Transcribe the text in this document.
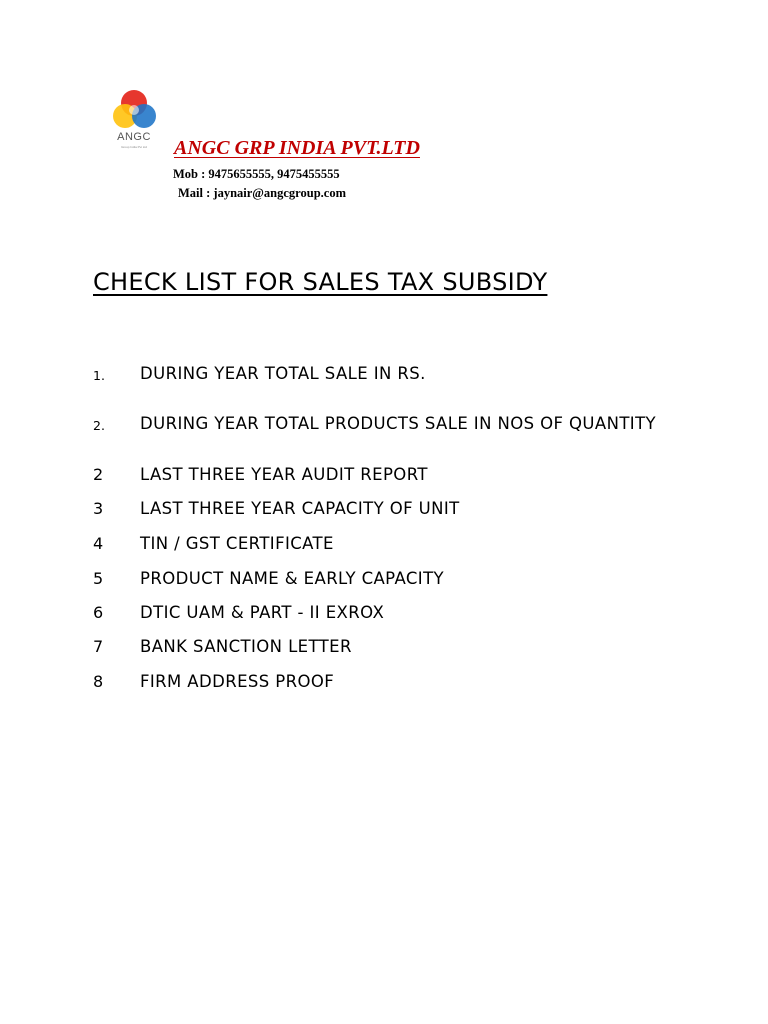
ANGC
Group India Pvt Ltd	ANGC GRP INDIA PVT.LTD
Mob : 9475655555, 9475455555
Mail : jaynair@angcgroup.com
CHECK LIST FOR SALES TAX SUBSIDY
1. DURING YEAR TOTAL SALE IN RS.
2. DURING YEAR TOTAL PRODUCTS SALE IN NOS OF QUANTITY
2 LAST THREE YEAR AUDIT REPORT
3 LAST THREE YEAR CAPACITY OF UNIT
4 TIN / GST CERTIFICATE
5 PRODUCT NAME & EARLY CAPACITY
6 DTIC UAM & PART - II EXROX
7 BANK SANCTION LETTER
8 FIRM ADDRESS PROOF
